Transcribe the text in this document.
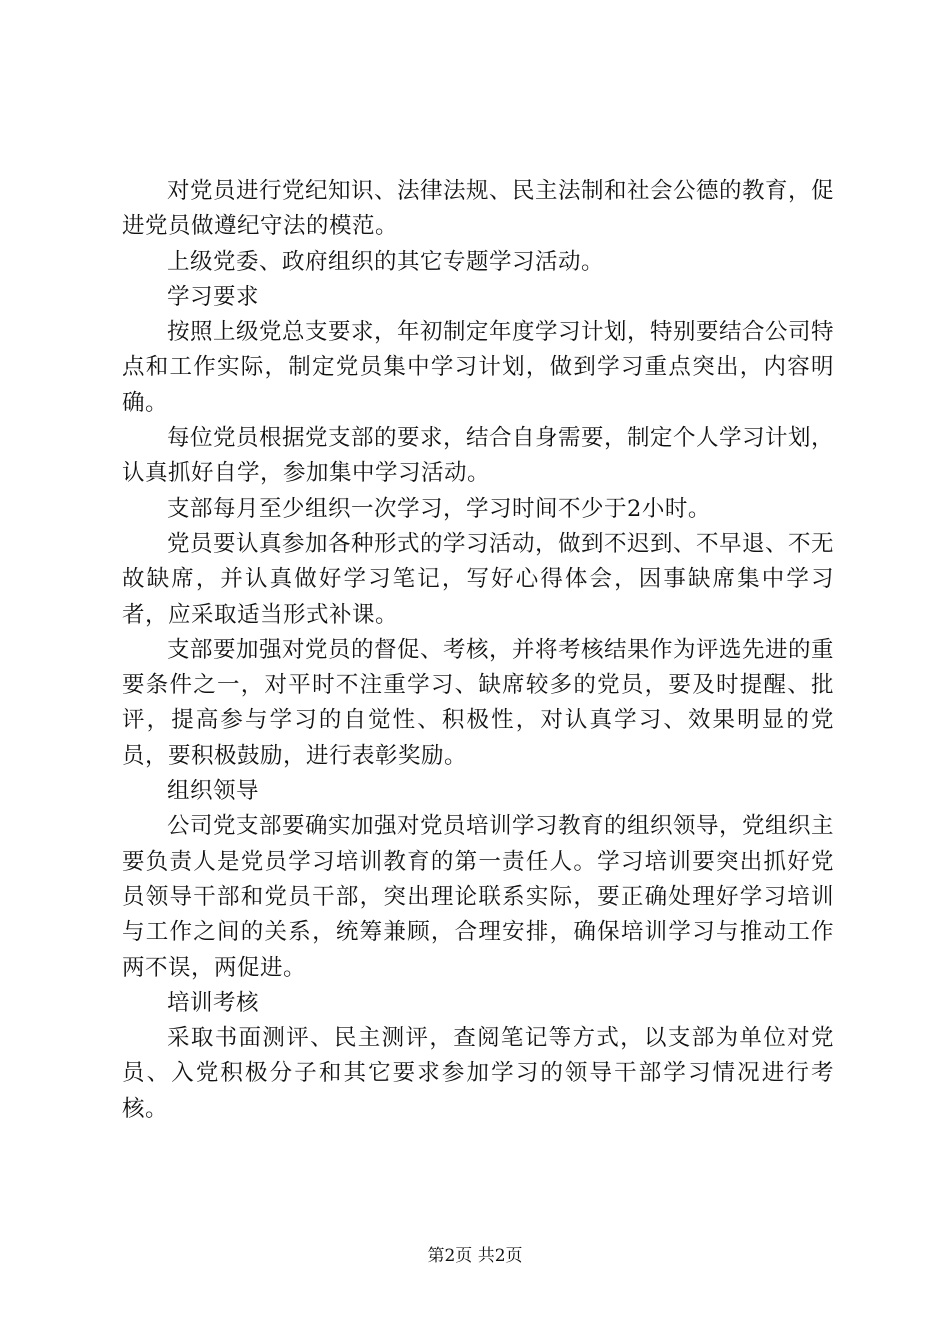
对党员进行党纪知识、法律法规、民主法制和社会公德的教育，促进党员做遵纪守法的模范。

上级党委、政府组织的其它专题学习活动。

学习要求

按照上级党总支要求，年初制定年度学习计划，特别要结合公司特点和工作实际，制定党员集中学习计划，做到学习重点突出，内容明确。

每位党员根据党支部的要求，结合自身需要，制定个人学习计划，认真抓好自学，参加集中学习活动。

支部每月至少组织一次学习，学习时间不少于2小时。

党员要认真参加各种形式的学习活动，做到不迟到、不早退、不无故缺席，并认真做好学习笔记，写好心得体会，因事缺席集中学习者，应采取适当形式补课。

支部要加强对党员的督促、考核，并将考核结果作为评选先进的重要条件之一，对平时不注重学习、缺席较多的党员，要及时提醒、批评，提高参与学习的自觉性、积极性，对认真学习、效果明显的党员，要积极鼓励，进行表彰奖励。

组织领导

公司党支部要确实加强对党员培训学习教育的组织领导，党组织主要负责人是党员学习培训教育的第一责任人。学习培训要突出抓好党员领导干部和党员干部，突出理论联系实际，要正确处理好学习培训与工作之间的关系，统筹兼顾，合理安排，确保培训学习与推动工作两不误，两促进。

培训考核

采取书面测评、民主测评，查阅笔记等方式，以支部为单位对党员、入党积极分子和其它要求参加学习的领导干部学习情况进行考核。

第2页 共2页
